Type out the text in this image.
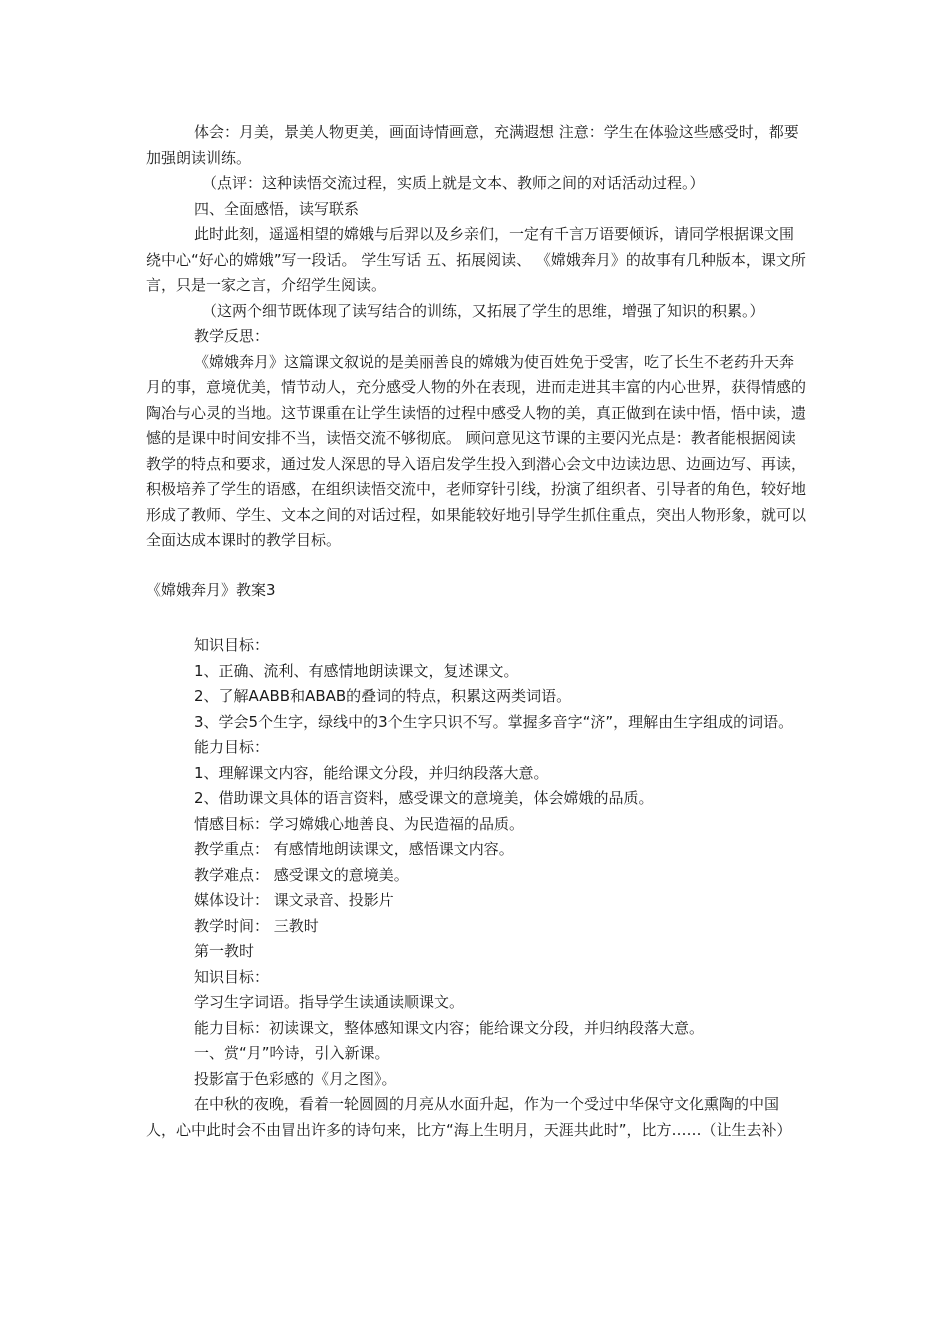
体会：月美，景美人物更美，画面诗情画意，充满遐想 注意：学生在体验这些感受时，都要加强朗读训练。

（点评：这种读悟交流过程，实质上就是文本、教师之间的对话活动过程。）

四、全面感悟，读写联系

此时此刻，遥遥相望的嫦娥与后羿以及乡亲们，一定有千言万语要倾诉，请同学根据课文围绕中心“好心的嫦娥”写一段话。 学生写话 五、拓展阅读、 《嫦娥奔月》的故事有几种版本，课文所言，只是一家之言，介绍学生阅读。

（这两个细节既体现了读写结合的训练，又拓展了学生的思维，增强了知识的积累。）

教学反思：

《嫦娥奔月》这篇课文叙说的是美丽善良的嫦娥为使百姓免于受害，吃了长生不老药升天奔月的事，意境优美，情节动人，充分感受人物的外在表现，进而走进其丰富的内心世界，获得情感的陶冶与心灵的当地。这节课重在让学生读悟的过程中感受人物的美，真正做到在读中悟，悟中读，遗憾的是课中时间安排不当，读悟交流不够彻底。 顾问意见这节课的主要闪光点是：教者能根据阅读教学的特点和要求，通过发人深思的导入语启发学生投入到潜心会文中边读边思、边画边写、再读，积极培养了学生的语感，在组织读悟交流中，老师穿针引线，扮演了组织者、引导者的角色，较好地形成了教师、学生、文本之间的对话过程，如果能较好地引导学生抓住重点，突出人物形象，就可以全面达成本课时的教学目标。

《嫦娥奔月》教案3

知识目标：

1、正确、流利、有感情地朗读课文，复述课文。

2、了解AABB和ABAB的叠词的特点，积累这两类词语。

3、学会5个生字，绿线中的3个生字只识不写。掌握多音字“济”，理解由生字组成的词语。

能力目标：

1、理解课文内容，能给课文分段，并归纳段落大意。

2、借助课文具体的语言资料，感受课文的意境美，体会嫦娥的品质。

情感目标：学习嫦娥心地善良、为民造福的品质。

教学重点： 有感情地朗读课文，感悟课文内容。

教学难点： 感受课文的意境美。

媒体设计： 课文录音、投影片

教学时间： 三教时

第一教时

知识目标：

学习生字词语。指导学生读通读顺课文。

能力目标：初读课文，整体感知课文内容；能给课文分段，并归纳段落大意。

一、赏“月”吟诗，引入新课。

投影富于色彩感的《月之图》。

在中秋的夜晚，看着一轮圆圆的月亮从水面升起，作为一个受过中华保守文化熏陶的中国人，心中此时会不由冒出许多的诗句来，比方“海上生明月，天涯共此时”，比方……（让生去补）
